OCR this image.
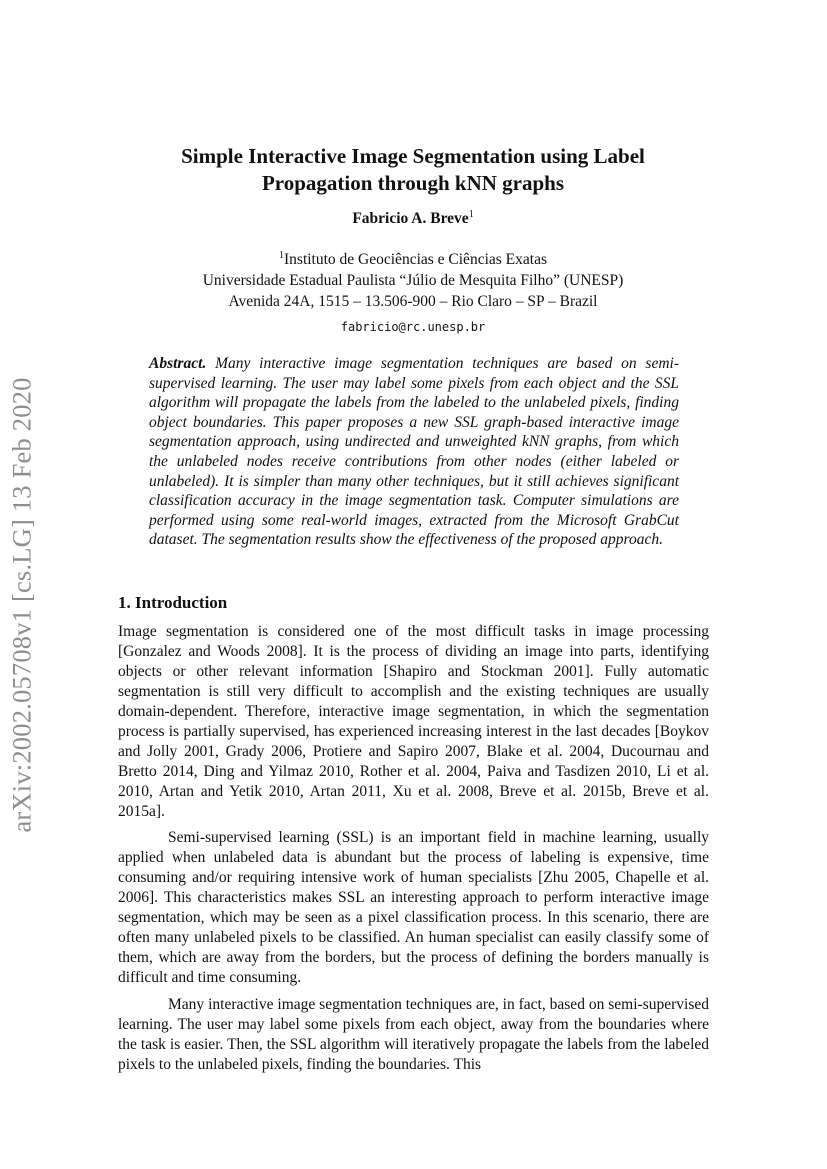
arXiv:2002.05708v1 [cs.LG] 13 Feb 2020
Simple Interactive Image Segmentation using Label
Propagation through kNN graphs
Fabricio A. Breve$^1$
$^1$Instituto de Geociências e Ciências Exatas
Universidade Estadual Paulista “Júlio de Mesquita Filho” (UNESP)
Avenida 24A, 1515 – 13.506-900 – Rio Claro – SP – Brazil
fabricio@rc.unesp.br

Abstract. Many interactive image segmentation techniques are based on semi-supervised learning. The user may label some pixels from each object and the SSL algorithm will propagate the labels from the labeled to the unlabeled pixels, finding object boundaries. This paper proposes a new SSL graph-based interactive image segmentation approach, using undirected and unweighted kNN graphs, from which the unlabeled nodes receive contributions from other nodes (either labeled or unlabeled). It is simpler than many other techniques, but it still achieves significant classification accuracy in the image segmentation task. Computer simulations are performed using some real-world images, extracted from the Microsoft GrabCut dataset. The segmentation results show the effectiveness of the proposed approach.

1. Introduction

Image segmentation is considered one of the most difficult tasks in image processing [Gonzalez and Woods 2008]. It is the process of dividing an image into parts, identifying objects or other relevant information [Shapiro and Stockman 2001]. Fully automatic segmentation is still very difficult to accomplish and the existing techniques are usually domain-dependent. Therefore, interactive image segmentation, in which the segmentation process is partially supervised, has experienced increasing interest in the last decades [Boykov and Jolly 2001, Grady 2006, Protiere and Sapiro 2007, Blake et al. 2004, Ducournau and Bretto 2014, Ding and Yilmaz 2010, Rother et al. 2004, Paiva and Tasdizen 2010, Li et al. 2010, Artan and Yetik 2010, Artan 2011, Xu et al. 2008, Breve et al. 2015b, Breve et al. 2015a].

Semi-supervised learning (SSL) is an important field in machine learning, usually applied when unlabeled data is abundant but the process of labeling is expensive, time consuming and/or requiring intensive work of human specialists [Zhu 2005, Chapelle et al. 2006]. This characteristics makes SSL an interesting approach to perform interactive image segmentation, which may be seen as a pixel classification process. In this scenario, there are often many unlabeled pixels to be classified. An human specialist can easily classify some of them, which are away from the borders, but the process of defining the borders manually is difficult and time consuming.

Many interactive image segmentation techniques are, in fact, based on semi-supervised learning. The user may label some pixels from each object, away from the boundaries where the task is easier. Then, the SSL algorithm will iteratively propagate the labels from the labeled pixels to the unlabeled pixels, finding the boundaries. This
